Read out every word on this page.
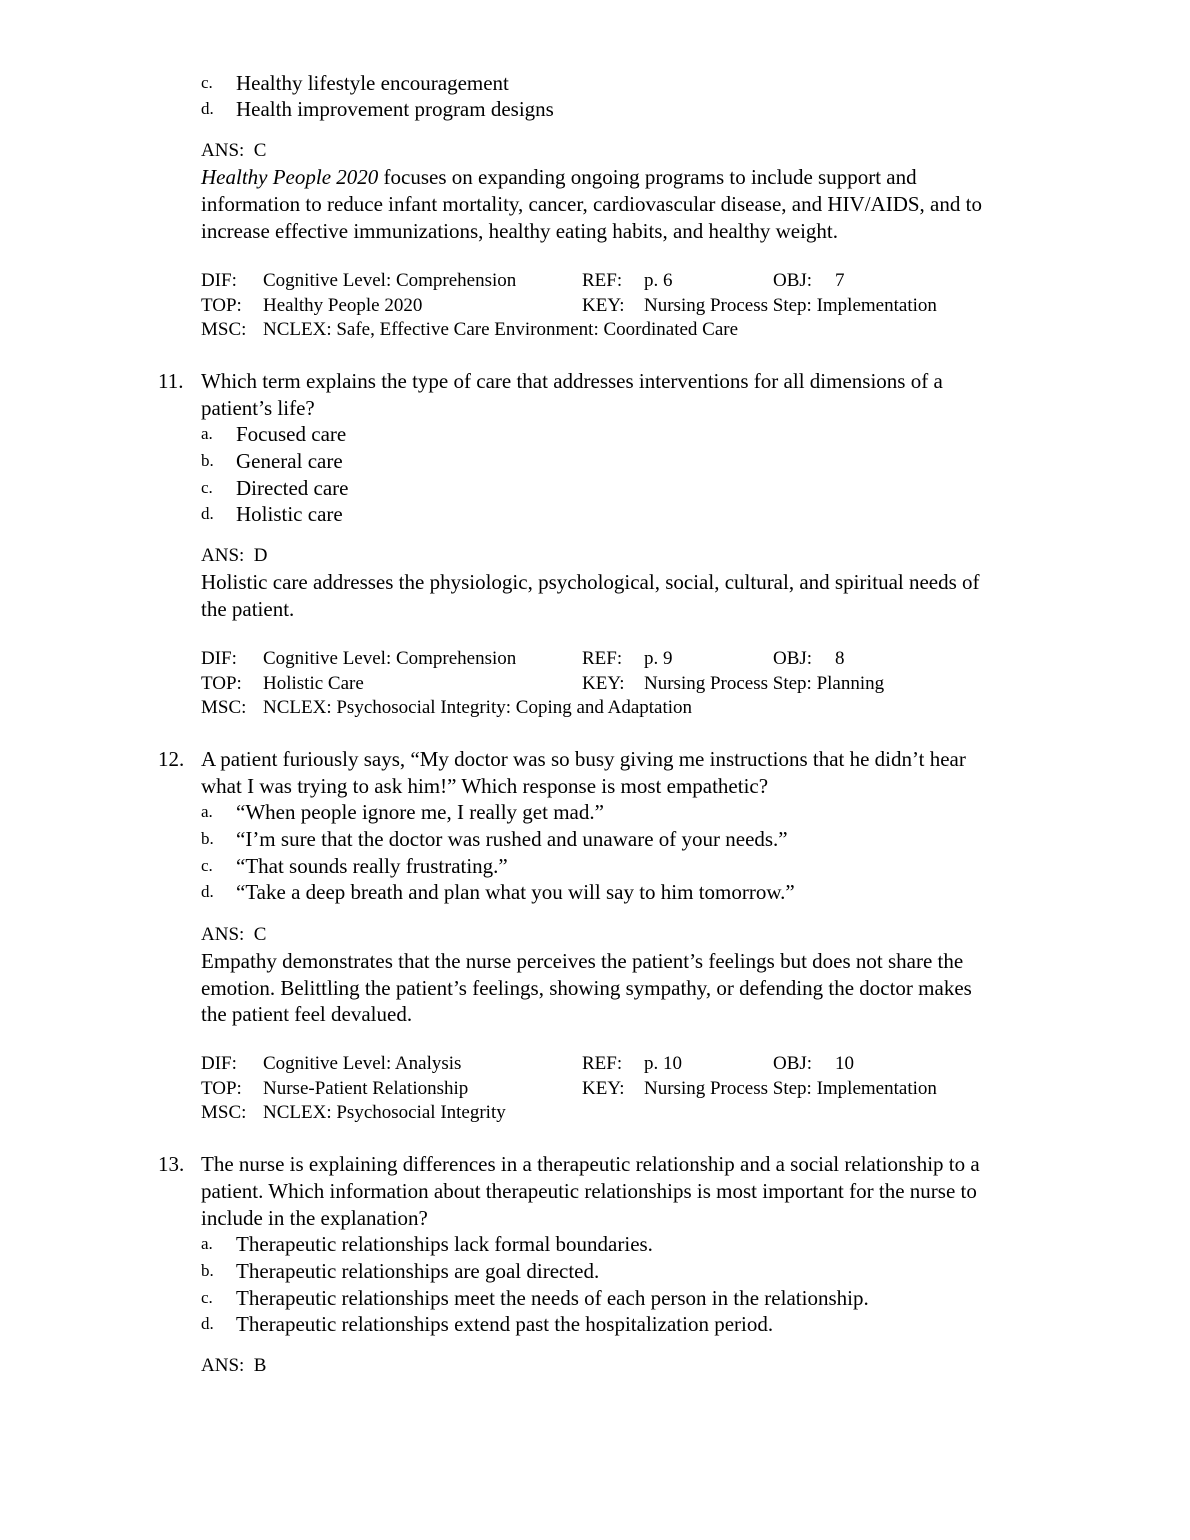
c. Healthy lifestyle encouragement
d. Health improvement program designs
ANS: C
Healthy People 2020 focuses on expanding ongoing programs to include support and
information to reduce infant mortality, cancer, cardiovascular disease, and HIV/AIDS, and to
increase effective immunizations, healthy eating habits, and healthy weight.
DIF: Cognitive Level: Comprehension	REF: p. 6	OBJ: 7
TOP: Healthy People 2020	KEY: Nursing Process Step: Implementation
MSC: NCLEX: Safe, Effective Care Environment: Coordinated Care
11. Which term explains the type of care that addresses interventions for all dimensions of a
patient’s life?
a. Focused care
b. General care
c. Directed care
d. Holistic care
ANS: D
Holistic care addresses the physiologic, psychological, social, cultural, and spiritual needs of
the patient.
DIF: Cognitive Level: Comprehension	REF: p. 9	OBJ: 8
TOP: Holistic Care	KEY: Nursing Process Step: Planning
MSC: NCLEX: Psychosocial Integrity: Coping and Adaptation
12. A patient furiously says, “My doctor was so busy giving me instructions that he didn’t hear
what I was trying to ask him!” Which response is most empathetic?
a. “When people ignore me, I really get mad.”
b. “I’m sure that the doctor was rushed and unaware of your needs.”
c. “That sounds really frustrating.”
d. “Take a deep breath and plan what you will say to him tomorrow.”
ANS: C
Empathy demonstrates that the nurse perceives the patient’s feelings but does not share the
emotion. Belittling the patient’s feelings, showing sympathy, or defending the doctor makes
the patient feel devalued.
DIF: Cognitive Level: Analysis	REF: p. 10	OBJ: 10
TOP: Nurse-Patient Relationship	KEY: Nursing Process Step: Implementation
MSC: NCLEX: Psychosocial Integrity
13. The nurse is explaining differences in a therapeutic relationship and a social relationship to a
patient. Which information about therapeutic relationships is most important for the nurse to
include in the explanation?
a. Therapeutic relationships lack formal boundaries.
b. Therapeutic relationships are goal directed.
c. Therapeutic relationships meet the needs of each person in the relationship.
d. Therapeutic relationships extend past the hospitalization period.
ANS: B
